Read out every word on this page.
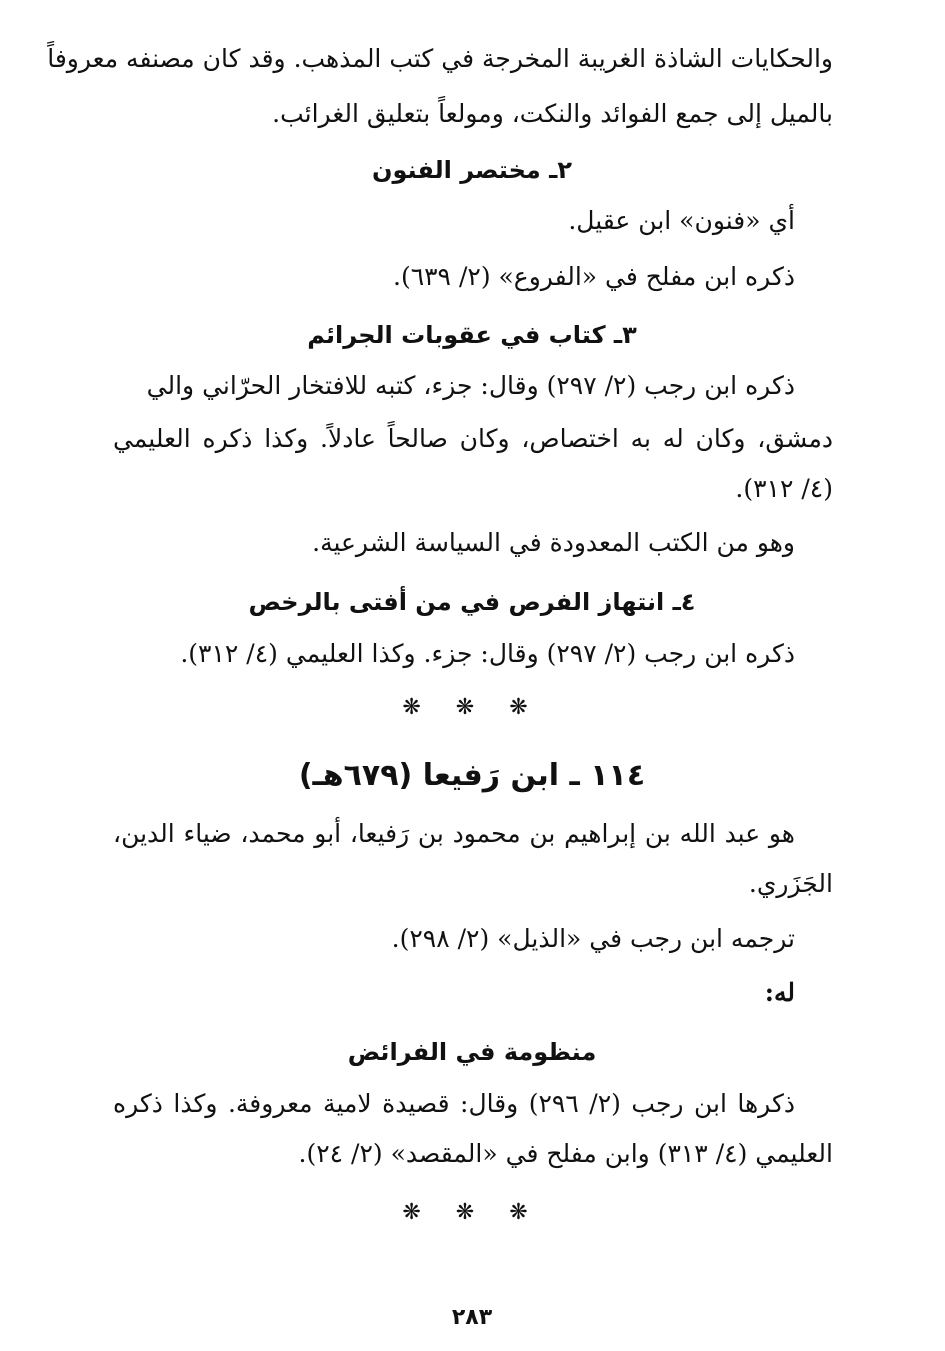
والحكايات الشاذة الغريبة المخرجة في كتب المذهب. وقد كان مصنفه معروفاً

بالميل إلى جمع الفوائد والنكت، ومولعاً بتعليق الغرائب.

٢ـ مختصر الفنون

أي «فنون» ابن عقيل.

ذكره ابن مفلح في «الفروع» (٢/ ٦٣٩).

٣ـ كتاب في عقوبات الجرائم

ذكره ابن رجب (٢/ ٢٩٧) وقال: جزء، كتبه للافتخار الحرّاني والي

دمشق، وكان له به اختصاص، وكان صالحاً عادلاً. وكذا ذكره العليمي

(٤/ ٣١٢).

وهو من الكتب المعدودة في السياسة الشرعية.

٤ـ انتهاز الفرص في من أفتى بالرخص

ذكره ابن رجب (٢/ ٢٩٧) وقال: جزء. وكذا العليمي (٤/ ٣١٢).

❋ ❋ ❋
١١٤ ـ ابن رَفيعا (٦٧٩هـ)

هو عبد الله بن إبراهيم بن محمود بن رَفيعا، أبو محمد، ضياء الدين،

الجَزَري.

ترجمه ابن رجب في «الذيل» (٢/ ٢٩٨).

له:

منظومة في الفرائض

ذكرها ابن رجب (٢/ ٢٩٦) وقال: قصيدة لامية معروفة. وكذا ذكره

العليمي (٤/ ٣١٣) وابن مفلح في «المقصد» (٢/ ٢٤).

❋ ❋ ❋
٢٨٣
